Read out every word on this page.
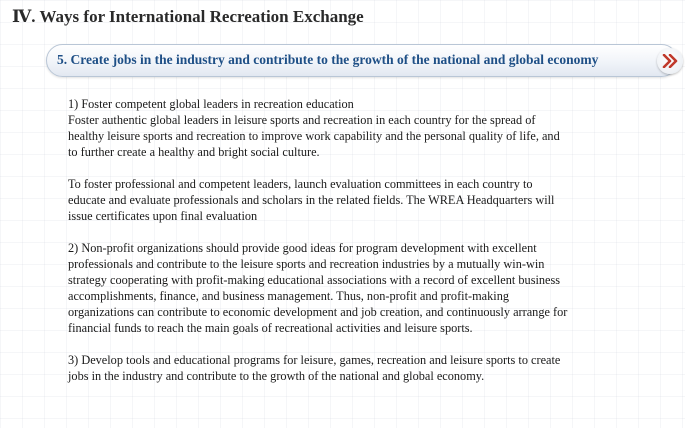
Ⅳ. Ways for International Recreation Exchange
5. Create jobs in the industry and contribute to the growth of the national and global economy

1) Foster competent global leaders in recreation education
Foster authentic global leaders in leisure sports and recreation in each country for the spread of
healthy leisure sports and recreation to improve work capability and the personal quality of life, and
to further create a healthy and bright social culture.

To foster professional and competent leaders, launch evaluation committees in each country to
educate and evaluate professionals and scholars in the related fields. The WREA Headquarters will
issue certificates upon final evaluation

2) Non-profit organizations should provide good ideas for program development with excellent
professionals and contribute to the leisure sports and recreation industries by a mutually win-win
strategy cooperating with profit-making educational associations with a record of excellent business
accomplishments, finance, and business management. Thus, non-profit and profit-making
organizations can contribute to economic development and job creation, and continuously arrange for
financial funds to reach the main goals of recreational activities and leisure sports.

3) Develop tools and educational programs for leisure, games, recreation and leisure sports to create
jobs in the industry and contribute to the growth of the national and global economy.
